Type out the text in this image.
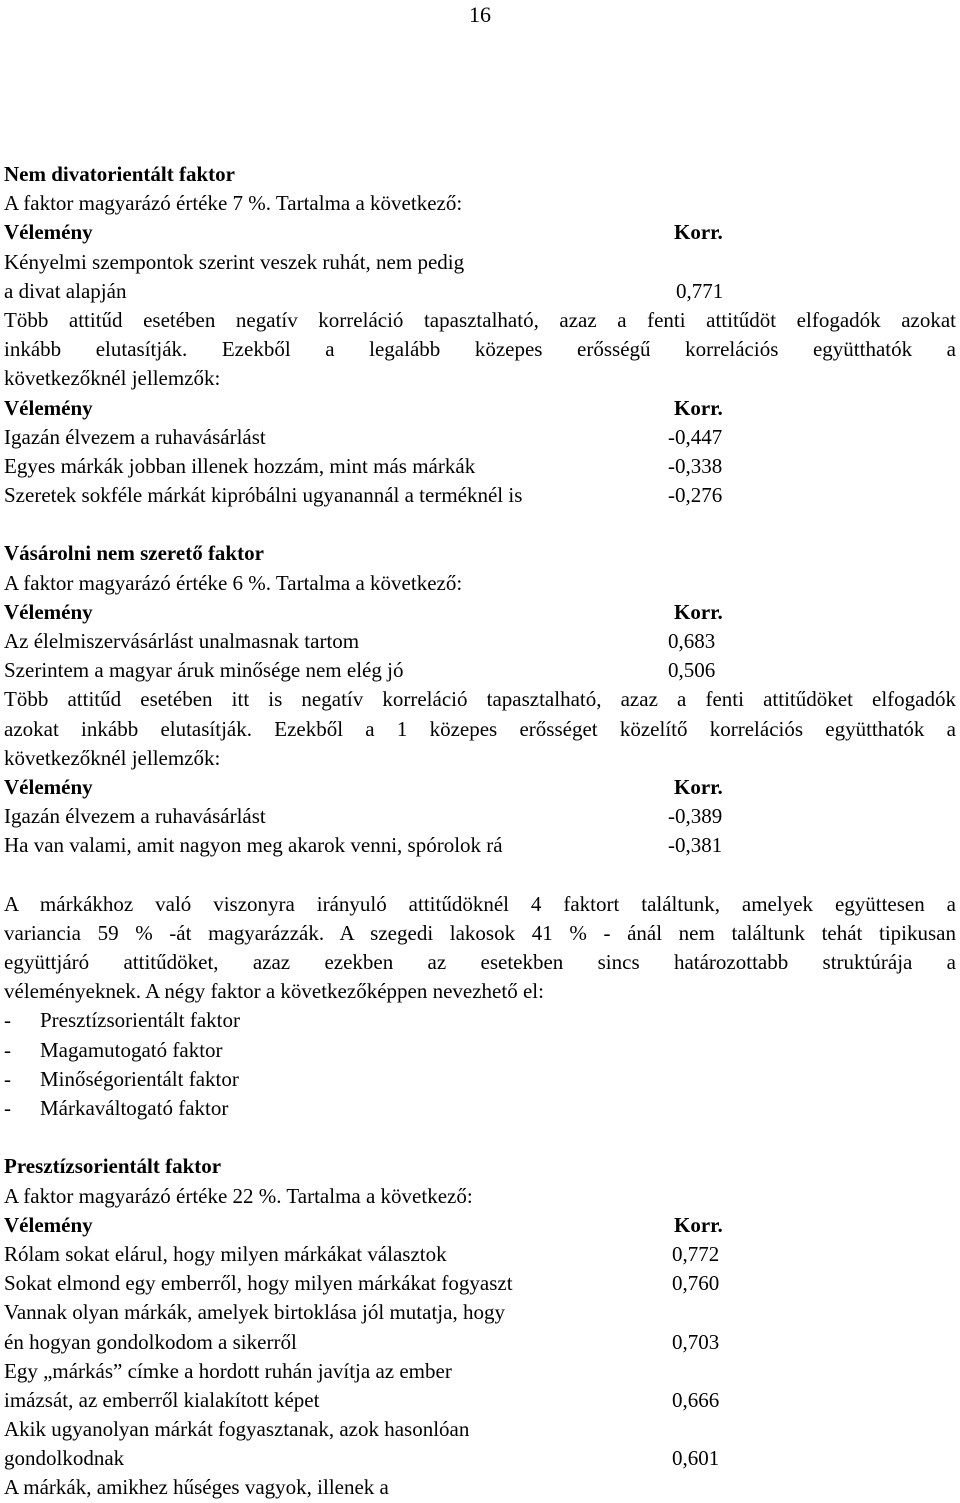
16
Nem divatorientált faktor
A faktor magyarázó értéke 7 %. Tartalma a következő:
Vélemény	Korr.
Kényelmi szempontok szerint veszek ruhát, nem pedig
a divat alapján	0,771
Több attitűd esetében negatív korreláció tapasztalható, azaz a fenti attitűdöt elfogadók azokat
inkább elutasítják. Ezekből a legalább közepes erősségű korrelációs együtthatók a
következőknél jellemzők:
Vélemény	Korr.
Igazán élvezem a ruhavásárlást	-0,447
Egyes márkák jobban illenek hozzám, mint más márkák	-0,338
Szeretek sokféle márkát kipróbálni ugyanannál a terméknél is	-0,276
Vásárolni nem szerető faktor
A faktor magyarázó értéke 6 %. Tartalma a következő:
Vélemény	Korr.
Az élelmiszervásárlást unalmasnak tartom	0,683
Szerintem a magyar áruk minősége nem elég jó	0,506
Több attitűd esetében itt is negatív korreláció tapasztalható, azaz a fenti attitűdöket elfogadók
azokat inkább elutasítják. Ezekből a 1 közepes erősséget közelítő korrelációs együtthatók a
következőknél jellemzők:
Vélemény	Korr.
Igazán élvezem a ruhavásárlást	-0,389
Ha van valami, amit nagyon meg akarok venni, spórolok rá	-0,381
A márkákhoz való viszonyra irányuló attitűdöknél 4 faktort találtunk, amelyek együttesen a
variancia 59 % -át magyarázzák. A szegedi lakosok 41 % - ánál nem találtunk tehát tipikusan
együttjáró attitűdöket, azaz ezekben az esetekben sincs határozottabb struktúrája a
véleményeknek. A négy faktor a következőképpen nevezhető el:
- Presztízsorientált faktor
- Magamutogató faktor
- Minőségorientált faktor
- Márkaváltogató faktor
Presztízsorientált faktor
A faktor magyarázó értéke 22 %. Tartalma a következő:
Vélemény	Korr.
Rólam sokat elárul, hogy milyen márkákat választok	0,772
Sokat elmond egy emberről, hogy milyen márkákat fogyaszt	0,760
Vannak olyan márkák, amelyek birtoklása jól mutatja, hogy
én hogyan gondolkodom a sikerről	0,703
Egy „márkás” címke a hordott ruhán javítja az ember
imázsát, az emberről kialakított képet	0,666
Akik ugyanolyan márkát fogyasztanak, azok hasonlóan
gondolkodnak	0,601
A márkák, amikhez hűséges vagyok, illenek a
